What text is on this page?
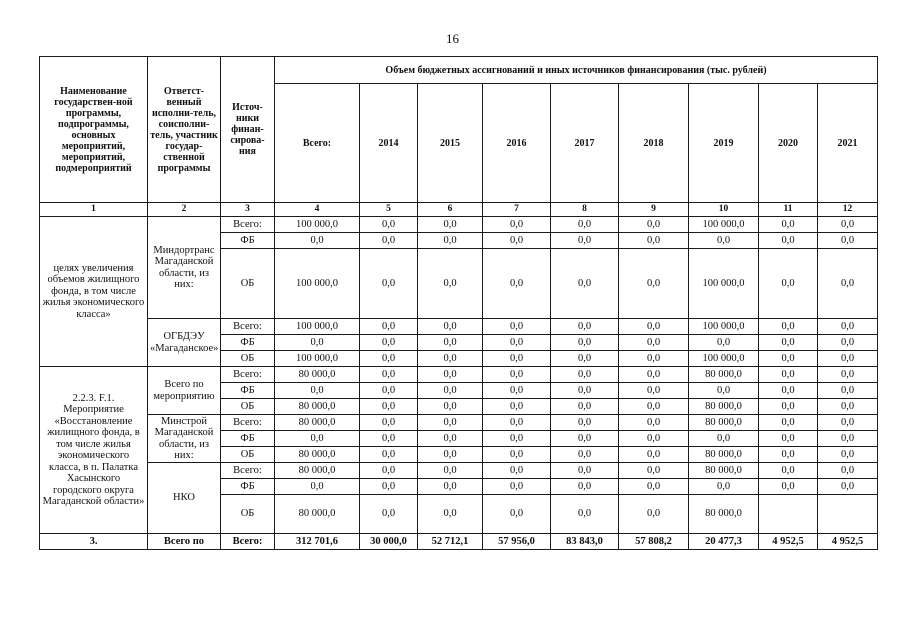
16
Наименование государствен-ной программы, подпрограммы, основных мероприятий, мероприятий, подмероприятий	Ответст-венный исполни-тель, соисполни-тель, участник государ-ственной программы	Источ-ники финан-сирова-ния	Объем бюджетных ассигнований и иных источников финансирования (тыс. рублей)								
			Всего:	2014	2015	2016	2017	2018	2019	2020	2021
1	2	3	4	5	6	7	8	9	10	11	12
целях увеличения объемов жилищного фонда, в том числе жилья экономического класса»	Миндортранс Магаданской области, из них:	Всего:	100 000,0	0,0	0,0	0,0	0,0	0,0	100 000,0	0,0	0,0
		ФБ	0,0	0,0	0,0	0,0	0,0	0,0	0,0	0,0	0,0
		ОБ	100 000,0	0,0	0,0	0,0	0,0	0,0	100 000,0	0,0	0,0
	ОГБДЭУ «Магаданское»	Всего:	100 000,0	0,0	0,0	0,0	0,0	0,0	100 000,0	0,0	0,0
		ФБ	0,0	0,0	0,0	0,0	0,0	0,0	0,0	0,0	0,0
		ОБ	100 000,0	0,0	0,0	0,0	0,0	0,0	100 000,0	0,0	0,0
2.2.3. F.1. Мероприятие «Восстановление жилищного фонда, в том числе жилья экономического класса, в п. Палатка Хасынского городского округа Магаданской области»	Всего по мероприятию	Всего:	80 000,0	0,0	0,0	0,0	0,0	0,0	80 000,0	0,0	0,0
		ФБ	0,0	0,0	0,0	0,0	0,0	0,0	0,0	0,0	0,0
		ОБ	80 000,0	0,0	0,0	0,0	0,0	0,0	80 000,0	0,0	0,0
	Минстрой Магаданской области, из них:	Всего:	80 000,0	0,0	0,0	0,0	0,0	0,0	80 000,0	0,0	0,0
		ФБ	0,0	0,0	0,0	0,0	0,0	0,0	0,0	0,0	0,0
		ОБ	80 000,0	0,0	0,0	0,0	0,0	0,0	80 000,0	0,0	0,0
	НКО	Всего:	80 000,0	0,0	0,0	0,0	0,0	0,0	80 000,0	0,0	0,0
		ФБ	0,0	0,0	0,0	0,0	0,0	0,0	0,0	0,0	0,0
		ОБ	80 000,0	0,0	0,0	0,0	0,0	0,0	80 000,0		
3.	Всего по	Всего:	312 701,6	30 000,0	52 712,1	57 956,0	83 843,0	57 808,2	20 477,3	4 952,5	4 952,5
